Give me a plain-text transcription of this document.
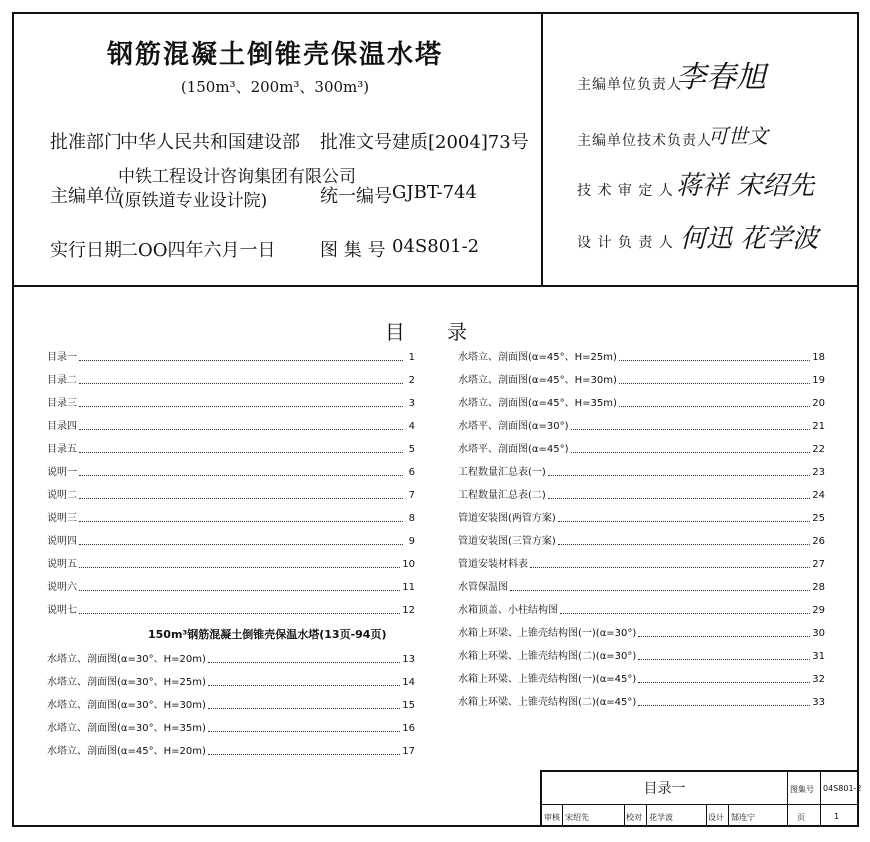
钢筋混凝土倒锥壳保温水塔
(150m³、200m³、300m³)
批准部门
中华人民共和国建设部 批准文号 建质[2004]73号
主编单位
中铁工程设计咨询集团有限公司
(原铁道专业设计院)	统一编号 GJBT-744
实行日期
二OO四年六月一日 图 集 号 04S801-2
主编单位负责人
李春旭
主编单位技术负责人
可世文
技 术 审 定 人 蒋祥 宋绍先
设 计 负 责 人 何迅 花学波
目 录
目录一	1
目录二	2
目录三	3
目录四	4
目录五	5
说明一	6
说明二	7
说明三	8
说明四	9
说明五	10
说明六	11
说明七	12
水塔立、剖面图(α=30°、H=20m)	13
水塔立、剖面图(α=30°、H=25m)	14
水塔立、剖面图(α=30°、H=30m)	15
水塔立、剖面图(α=30°、H=35m)	16
水塔立、剖面图(α=45°、H=20m)	17
水塔立、剖面图(α=45°、H=25m)	18
水塔立、剖面图(α=45°、H=30m)	19
水塔立、剖面图(α=45°、H=35m)	20
水塔平、剖面图(α=30°)	21
水塔平、剖面图(α=45°)	22
工程数量汇总表(一)	23
工程数量汇总表(二)	24
管道安装图(两管方案)	25
管道安装图(三管方案)	26
管道安装材料表	27
水管保温图	28
水箱顶盖、小柱结构图	29
水箱上环梁、上锥壳结构图(一)(α=30°)	30
水箱上环梁、上锥壳结构图(二)(α=30°)	31
水箱上环梁、上锥壳结构图(一)(α=45°)	32
水箱上环梁、上锥壳结构图(二)(α=45°)	33
150m³钢筋混凝土倒锥壳保温水塔(13页-94页)
目录一	图集号 04S801-2
审核 宋绍先	校对 花学波	设计 郜连宁	页	1
